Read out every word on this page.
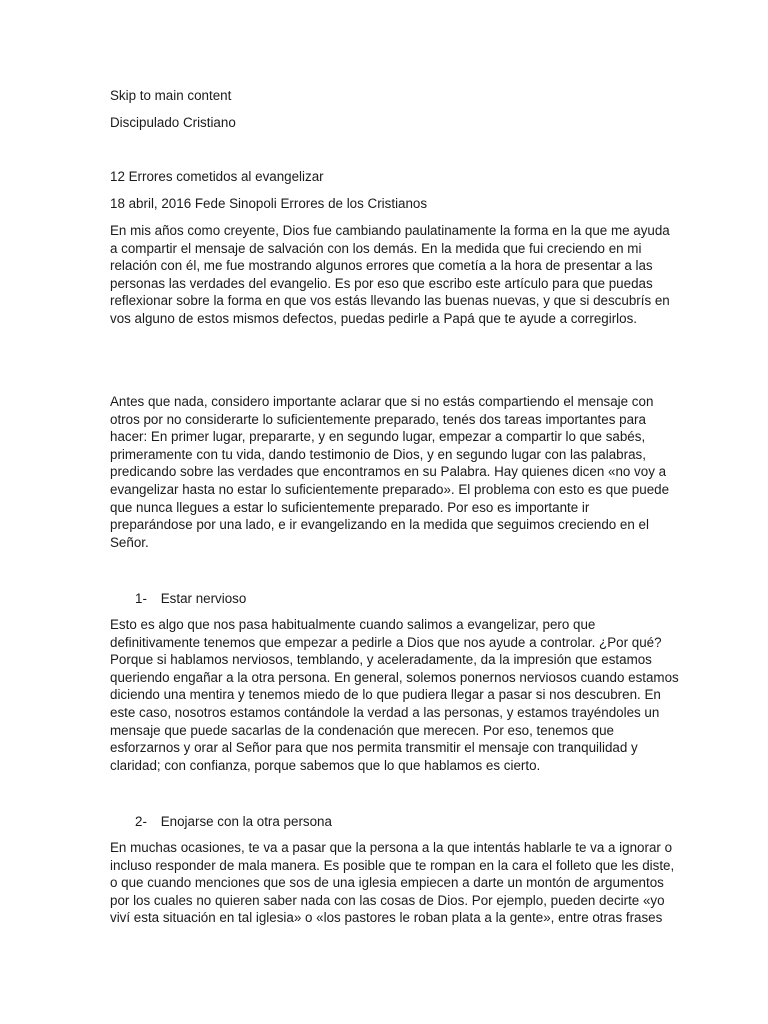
Skip to main content
Discipulado Cristiano
12 Errores cometidos al evangelizar
18 abril, 2016 Fede Sinopoli Errores de los Cristianos
En mis años como creyente, Dios fue cambiando paulatinamente la forma en la que me ayuda
a compartir el mensaje de salvación con los demás. En la medida que fui creciendo en mi
relación con él, me fue mostrando algunos errores que cometía a la hora de presentar a las
personas las verdades del evangelio. Es por eso que escribo este artículo para que puedas
reflexionar sobre la forma en que vos estás llevando las buenas nuevas, y que si descubrís en
vos alguno de estos mismos defectos, puedas pedirle a Papá que te ayude a corregirlos.
Antes que nada, considero importante aclarar que si no estás compartiendo el mensaje con
otros por no considerarte lo suficientemente preparado, tenés dos tareas importantes para
hacer: En primer lugar, prepararte, y en segundo lugar, empezar a compartir lo que sabés,
primeramente con tu vida, dando testimonio de Dios, y en segundo lugar con las palabras,
predicando sobre las verdades que encontramos en su Palabra. Hay quienes dicen «no voy a
evangelizar hasta no estar lo suficientemente preparado». El problema con esto es que puede
que nunca llegues a estar lo suficientemente preparado. Por eso es importante ir
preparándose por una lado, e ir evangelizando en la medida que seguimos creciendo en el
Señor.
1- Estar nervioso
Esto es algo que nos pasa habitualmente cuando salimos a evangelizar, pero que
definitivamente tenemos que empezar a pedirle a Dios que nos ayude a controlar. ¿Por qué?
Porque si hablamos nerviosos, temblando, y aceleradamente, da la impresión que estamos
queriendo engañar a la otra persona. En general, solemos ponernos nerviosos cuando estamos
diciendo una mentira y tenemos miedo de lo que pudiera llegar a pasar si nos descubren. En
este caso, nosotros estamos contándole la verdad a las personas, y estamos trayéndoles un
mensaje que puede sacarlas de la condenación que merecen. Por eso, tenemos que
esforzarnos y orar al Señor para que nos permita transmitir el mensaje con tranquilidad y
claridad; con confianza, porque sabemos que lo que hablamos es cierto.
2- Enojarse con la otra persona
En muchas ocasiones, te va a pasar que la persona a la que intentás hablarle te va a ignorar o
incluso responder de mala manera. Es posible que te rompan en la cara el folleto que les diste,
o que cuando menciones que sos de una iglesia empiecen a darte un montón de argumentos
por los cuales no quieren saber nada con las cosas de Dios. Por ejemplo, pueden decirte «yo
viví esta situación en tal iglesia» o «los pastores le roban plata a la gente», entre otras frases
